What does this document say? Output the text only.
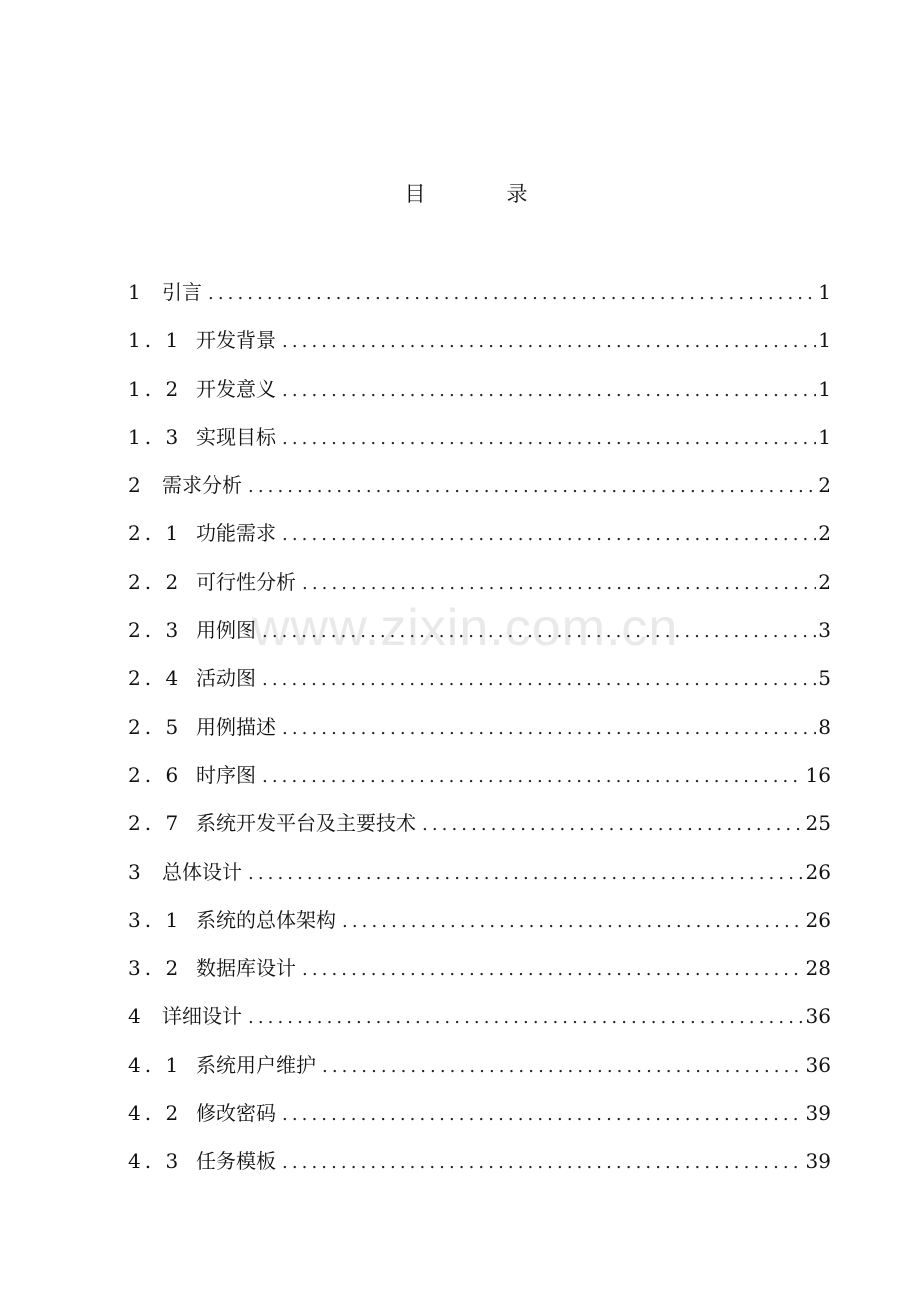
目　录
1	引言 .....	1
1. 1 开发背景 .....	1
1. 2 开发意义 .....	1
1. 3 实现目标 .....	1
2	需求分析 .....	2
2. 1 功能需求 .....	2
2. 2 可行性分析 .....	2
2. 3 用例图 .....	3
2. 4 活动图 .....	5
2. 5 用例描述 .....	8
2. 6 时序图 .....	16
2. 7 系统开发平台及主要技术 .....	25
3	总体设计 .....	26
3. 1 系统的总体架构 .....	26
3. 2 数据库设计 .....	28
4	详细设计 .....	36
4. 1 系统用户维护 .....	36
4. 2 修改密码 .....	39
4. 3 任务模板 .....	39
www.zixin.com.cn
